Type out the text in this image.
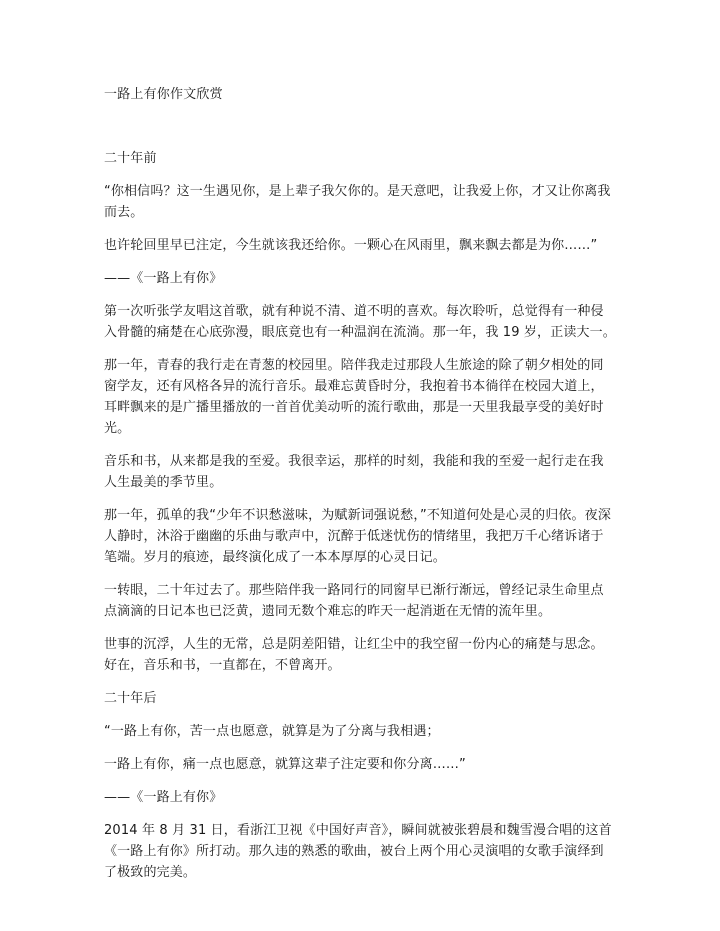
一路上有你作文欣赏

二十年前

“你相信吗？这一生遇见你，是上辈子我欠你的。是天意吧，让我爱上你，才又让你离我而去。

也许轮回里早已注定，今生就该我还给你。一颗心在风雨里，飘来飘去都是为你……”

——《一路上有你》

第一次听张学友唱这首歌，就有种说不清、道不明的喜欢。每次聆听，总觉得有一种侵入骨髓的痛楚在心底弥漫，眼底竟也有一种温润在流淌。那一年，我 19 岁，正读大一。

那一年，青春的我行走在青葱的校园里。陪伴我走过那段人生旅途的除了朝夕相处的同窗学友，还有风格各异的流行音乐。最难忘黄昏时分，我抱着书本徜徉在校园大道上，耳畔飘来的是广播里播放的一首首优美动听的流行歌曲，那是一天里我最享受的美好时光。

音乐和书，从来都是我的至爱。我很幸运，那样的时刻，我能和我的至爱一起行走在我人生最美的季节里。

那一年，孤单的我“少年不识愁滋味，为赋新词强说愁，”不知道何处是心灵的归依。夜深人静时，沐浴于幽幽的乐曲与歌声中，沉醉于低迷忧伤的情绪里，我把万千心绪诉诸于笔端。岁月的痕迹，最终演化成了一本本厚厚的心灵日记。

一转眼，二十年过去了。那些陪伴我一路同行的同窗早已渐行渐远，曾经记录生命里点点滴滴的日记本也已泛黄，遗同无数个难忘的昨天一起消逝在无情的流年里。

世事的沉浮，人生的无常，总是阴差阳错，让红尘中的我空留一份内心的痛楚与思念。好在，音乐和书，一直都在，不曾离开。

二十年后

“一路上有你，苦一点也愿意，就算是为了分离与我相遇；

一路上有你，痛一点也愿意，就算这辈子注定要和你分离……”

——《一路上有你》

2014 年 8 月 31 日，看浙江卫视《中国好声音》，瞬间就被张碧晨和魏雪漫合唱的这首《一路上有你》所打动。那久违的熟悉的歌曲，被台上两个用心灵演唱的女歌手演绎到了极致的完美。
